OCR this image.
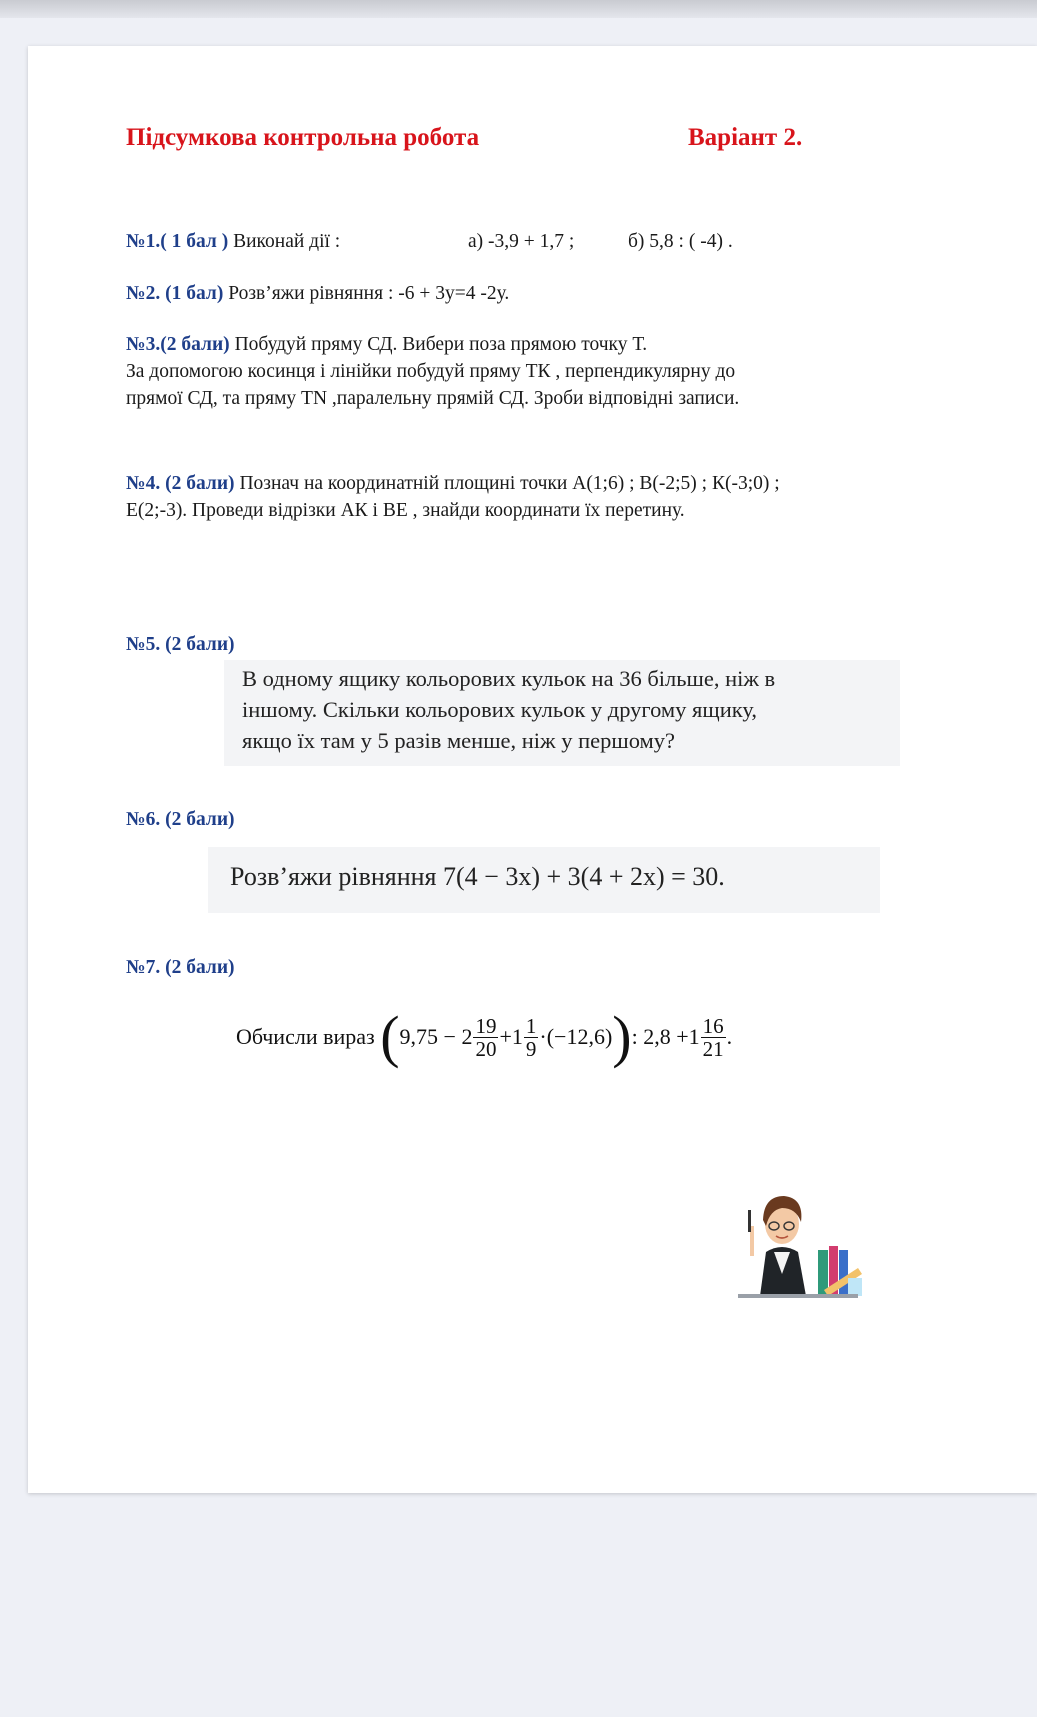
Підсумкова контрольна робота	Варіант 2.
№1.( 1 бал ) Виконай дії :	а) -3,9 + 1,7 ;	б) 5,8 : ( -4) .
№2. (1 бал) Розв’яжи рівняння : -6 + 3у=4 -2у.
№3.(2 бали) Побудуй пряму СД. Вибери поза прямою точку Т.
За допомогою косинця і лінійки побудуй пряму ТК , перпендикулярну до
прямої СД, та пряму TN ,паралельну прямій СД. Зроби відповідні записи.
№4. (2 бали) Познач на координатній площині точки А(1;6) ; В(-2;5) ; К(-3;0) ;
Е(2;-3). Проведи відрізки АК і ВЕ , знайди координати їх перетину.
№5. (2 бали)
В одному ящику кольорових кульок на 36 більше, ніж в
іншому. Скільки кольорових кульок у другому ящику,
якщо їх там у 5 разів менше, ніж у першому?
№6. (2 бали)
Розв’яжи рівняння 7(4 − 3x) + 3(4 + 2x) = 30.
№7. (2 бали)
Обчисли вираз $(9,75 - 2 \frac{19}{20} +1 \frac{1}{9} \cdot(-12,6))$: $2,8 +1 \frac{16}{21}$ .
